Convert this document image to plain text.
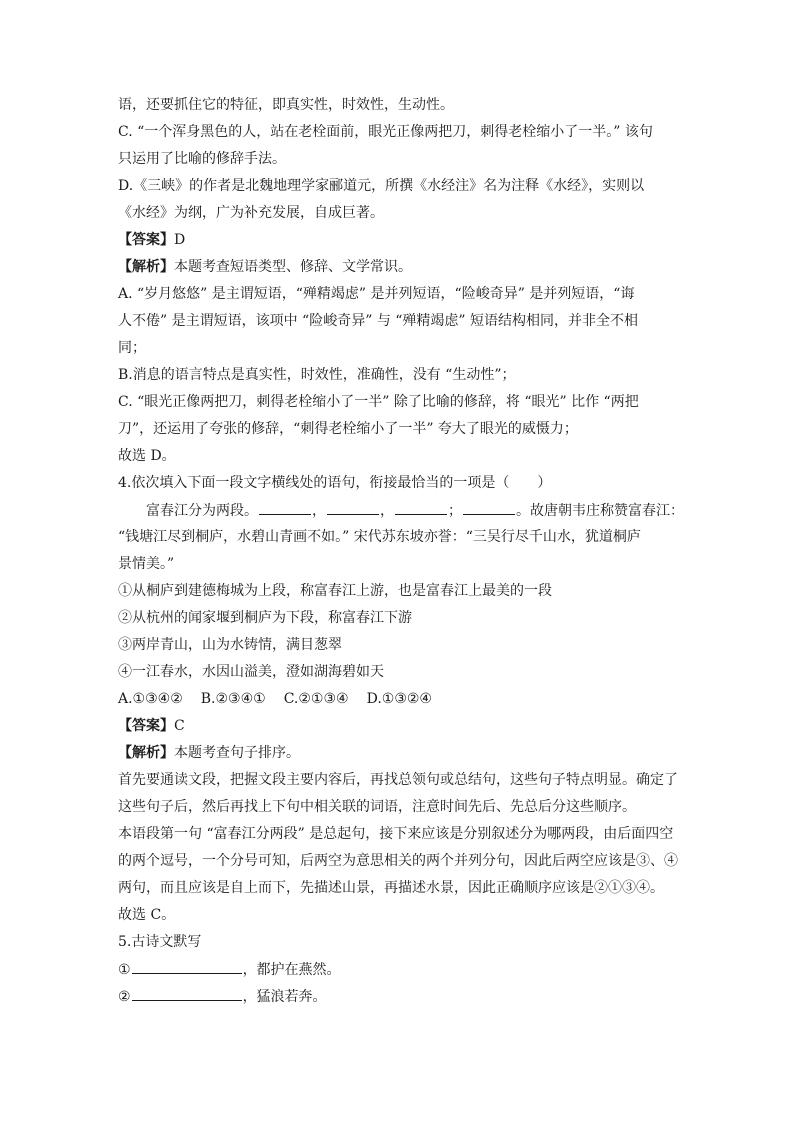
语，还要抓住它的特征，即真实性，时效性，生动性。
C. “一个浑身黑色的人，站在老栓面前，眼光正像两把刀，刺得老栓缩小了一半。” 该句
只运用了比喻的修辞手法。
D.《三峡》的作者是北魏地理学家郦道元，所撰《水经注》名为注释《水经》，实则以
《水经》为纲，广为补充发展，自成巨著。
【答案】D
【解析】本题考查短语类型、修辞、文学常识。
A. “岁月悠悠” 是主谓短语，“殚精竭虑” 是并列短语，“险峻奇异” 是并列短语，“诲
人不倦” 是主谓短语，该项中 “险峻奇异” 与 “殚精竭虑” 短语结构相同，并非全不相
同；
B.消息的语言特点是真实性，时效性，准确性，没有 “生动性”；
C. “眼光正像两把刀，刺得老栓缩小了一半” 除了比喻的修辞，将 “眼光” 比作 “两把
刀”，还运用了夸张的修辞，“刺得老栓缩小了一半” 夸大了眼光的威慑力；
故选 D。
4.依次填入下面一段文字横线处的语句，衔接最恰当的一项是（　　）
富春江分为两段。	，	，	；	。故唐朝韦庄称赞富春江：
“钱塘江尽到桐庐，水碧山青画不如。” 宋代苏东坡亦誉：“三吴行尽千山水，犹道桐庐
景情美。”
①从桐庐到建德梅城为上段，称富春江上游，也是富春江上最美的一段
②从杭州的闻家堰到桐庐为下段，称富春江下游
③两岸青山，山为水铸情，满目葱翠
④一江春水，水因山溢美，澄如湖海碧如天
A.①③④② B.②③④① C.②①③④ D.①③②④
【答案】C
【解析】本题考查句子排序。
首先要通读文段，把握文段主要内容后，再找总领句或总结句，这些句子特点明显。确定了
这些句子后，然后再找上下句中相关联的词语，注意时间先后、先总后分这些顺序。
本语段第一句 “富春江分两段” 是总起句，接下来应该是分别叙述分为哪两段，由后面四空
的两个逗号，一个分号可知，后两空为意思相关的两个并列分句，因此后两空应该是③、④
两句，而且应该是自上而下，先描述山景，再描述水景，因此正确顺序应该是②①③④。
故选 C。
5.古诗文默写
①	，都护在燕然。
②	，猛浪若奔。
